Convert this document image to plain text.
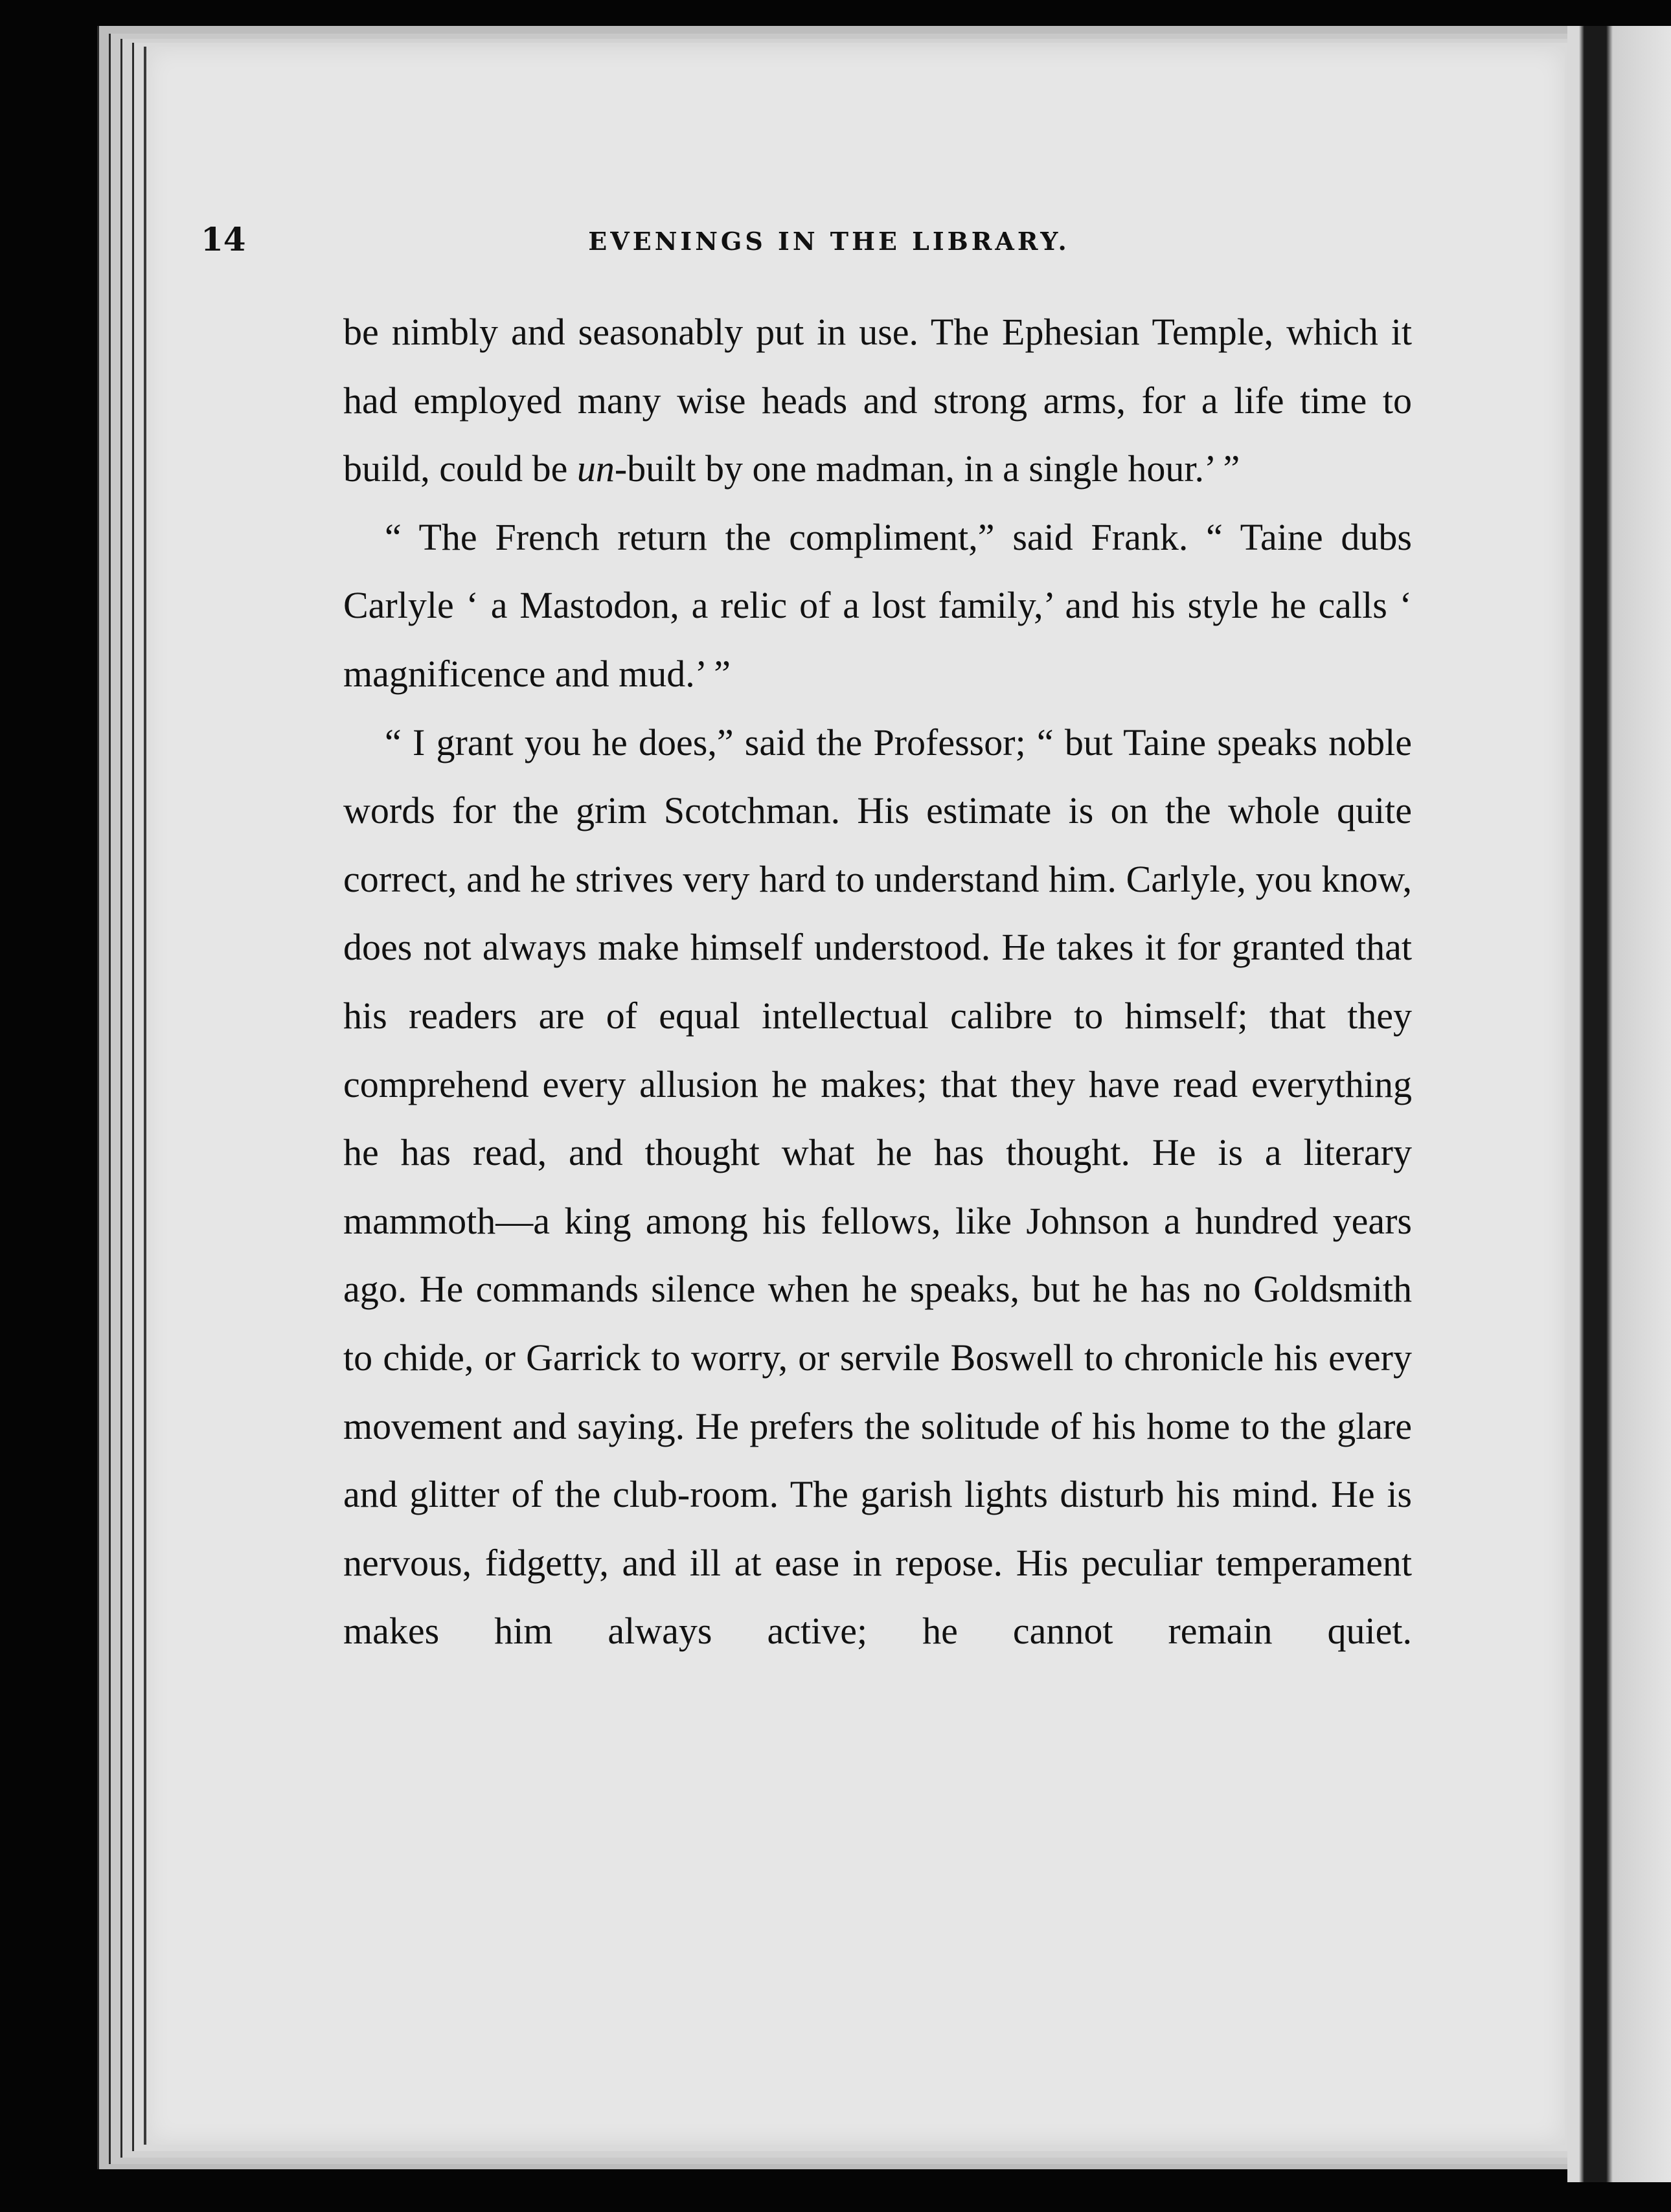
14	EVENINGS IN THE LIBRARY.

be nimbly and seasonably put in use. The Ephesian Temple, which it had employed many wise heads and strong arms, for a life time to build, could be un-built by one madman, in a single hour.’ ”

“ The French return the compliment,” said Frank. “ Taine dubs Carlyle ‘ a Mastodon, a relic of a lost family,’ and his style he calls ‘ magnificence and mud.’ ”

“ I grant you he does,” said the Professor; “ but Taine speaks noble words for the grim Scotchman. His estimate is on the whole quite correct, and he strives very hard to understand him. Carlyle, you know, does not always make himself understood. He takes it for granted that his readers are of equal intellectual calibre to himself; that they comprehend every allusion he makes; that they have read everything he has read, and thought what he has thought. He is a literary mammoth—a king among his fellows, like Johnson a hundred years ago. He commands silence when he speaks, but he has no Goldsmith to chide, or Garrick to worry, or servile Boswell to chronicle his every movement and saying. He prefers the solitude of his home to the glare and glitter of the club-room. The garish lights disturb his mind. He is nervous, fidgetty, and ill at ease in repose. His peculiar temperament makes him always active; he cannot remain quiet.
